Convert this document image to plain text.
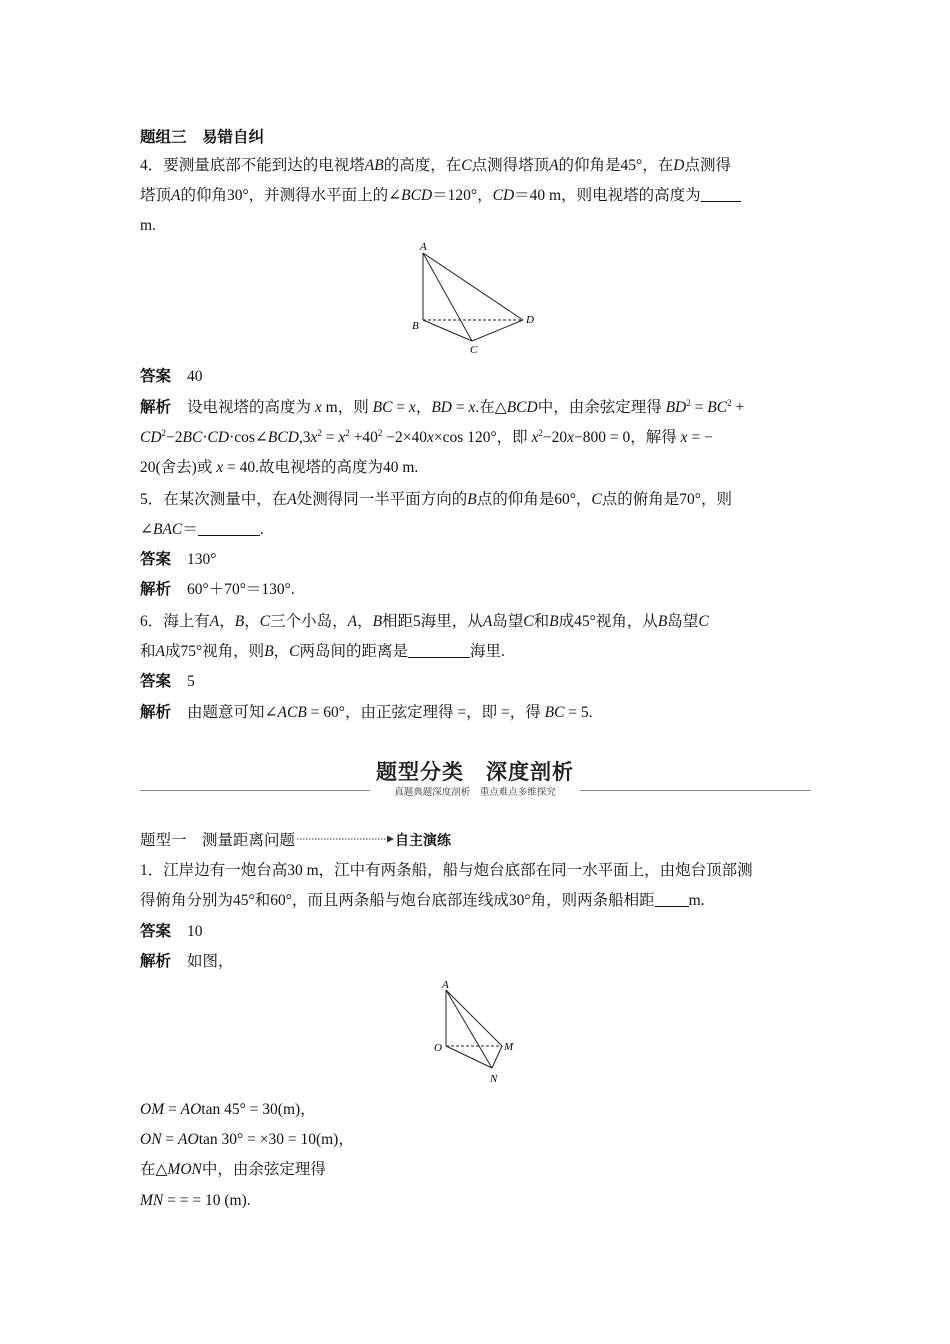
题组三　易错自纠
4．要测量底部不能到达的电视塔AB的高度，在C点测得塔顶A的仰角是45°，在D点测得
塔顶A的仰角30°，并测得水平面上的∠BCD＝120°，CD＝40 m，则电视塔的高度为
m.
A
B
C
D
答案 40
解析 设电视塔的高度为 x m，则 BC = x，BD = x.在△BCD中，由余弦定理得 $BD^2 = BC^2$ +
$CD^2-2BC\cdot CD\cdot\cos\angle BCD,3x^2 = x^2 +40^2 -2\times 40x\times\cos$ 120°，即 $x^2-20x-800 = 0$，解得 x = −
20(舍去)或 x = 40.故电视塔的高度为40 m.
5．在某次测量中，在A处测得同一半平面方向的B点的仰角是60°，C点的俯角是70°，则
∠BAC＝	.
答案 130°
解析 60°＋70°＝130°.
6．海上有A，B，C三个小岛，A，B相距5海里，从A岛望C和B成45°视角，从B岛望C
和A成75°视角，则B，C两岛间的距离是	海里.
答案 5
解析 由题意可知∠ACB = 60°，由正弦定理得 =，即 =，得 BC = 5.
题型分类　深度剖析
真题典题深度剖析　重点难点多维探究
题型一　测量距离问题	自主演练
1．江岸边有一炮台高30 m，江中有两条船，船与炮台底部在同一水平面上，由炮台顶部测
得俯角分别为45°和60°，而且两条船与炮台底部连线成30°角，则两条船相距 m.
答案 10
解析 如图，
A
O	M
N
OM = AOtan 45° = 30(m)，
ON = AOtan 30° = ×30 = 10(m)，
在△MON中，由余弦定理得
MN = = = 10 (m).
